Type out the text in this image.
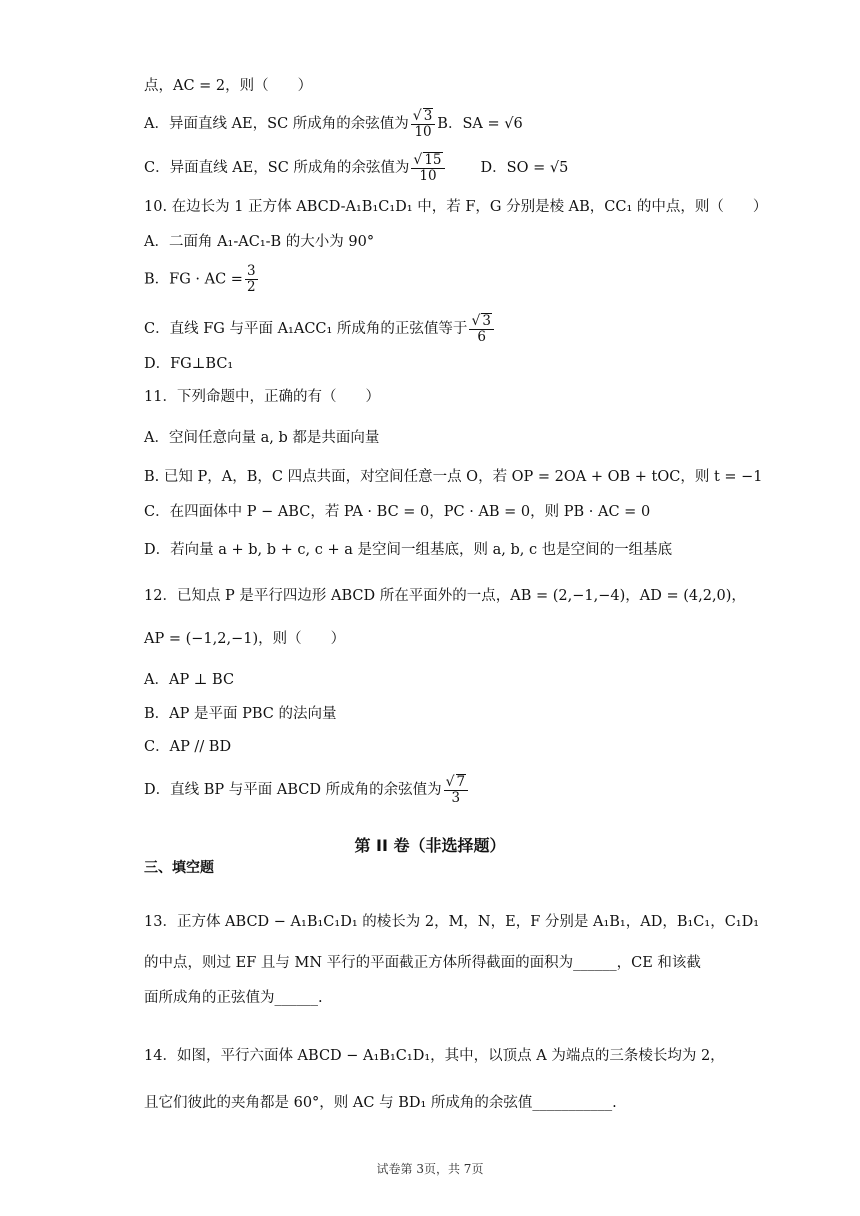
点，AC = 2，则（　　）
A．异面直线 AE，SC 所成角的余弦值为 $\frac{√ 3}{10}$ B．SA = √6
C．异面直线 AE，SC 所成角的余弦值为 $\frac{√ 15}{10}$ D．SO = √5
10. 在边长为 1 正方体 ABCD-A₁B₁C₁D₁ 中，若 F，G 分别是棱 AB，CC₁ 的中点，则（　　）
A．二面角 A₁-AC₁-B 的大小为 90°
B．FG · AC = $\frac{3}{2}$
C．直线 FG 与平面 A₁ACC₁ 所成角的正弦值等于 $\frac{√ 3}{6}$
D．FG⊥BC₁
11．下列命题中，正确的有（　　）
A．空间任意向量 a, b 都是共面向量
B. 已知 P，A，B，C 四点共面，对空间任意一点 O，若 OP = 2OA + OB + tOC，则 t = −1
C．在四面体中 P − ABC，若 PA · BC = 0，PC · AB = 0，则 PB · AC = 0
D．若向量 a + b, b + c, c + a 是空间一组基底，则 a, b, c 也是空间的一组基底
12．已知点 P 是平行四边形 ABCD 所在平面外的一点，AB = (2,−1,−4)，AD = (4,2,0)，
AP = (−1,2,−1)，则（　　）
A．AP ⊥ BC
B．AP 是平面 PBC 的法向量
C．AP // BD
D．直线 BP 与平面 ABCD 所成角的余弦值为 $\frac{√ 7}{3}$
第 II 卷（非选择题）
三、填空题
13．正方体 ABCD − A₁B₁C₁D₁ 的棱长为 2，M，N，E，F 分别是 A₁B₁，AD，B₁C₁，C₁D₁
的中点，则过 EF 且与 MN 平行的平面截正方体所得截面的面积为______，CE 和该截
面所成角的正弦值为______.
14．如图，平行六面体 ABCD − A₁B₁C₁D₁，其中，以顶点 A 为端点的三条棱长均为 2，
且它们彼此的夹角都是 60°，则 AC 与 BD₁ 所成角的余弦值___________.
试卷第 3页，共 7页
